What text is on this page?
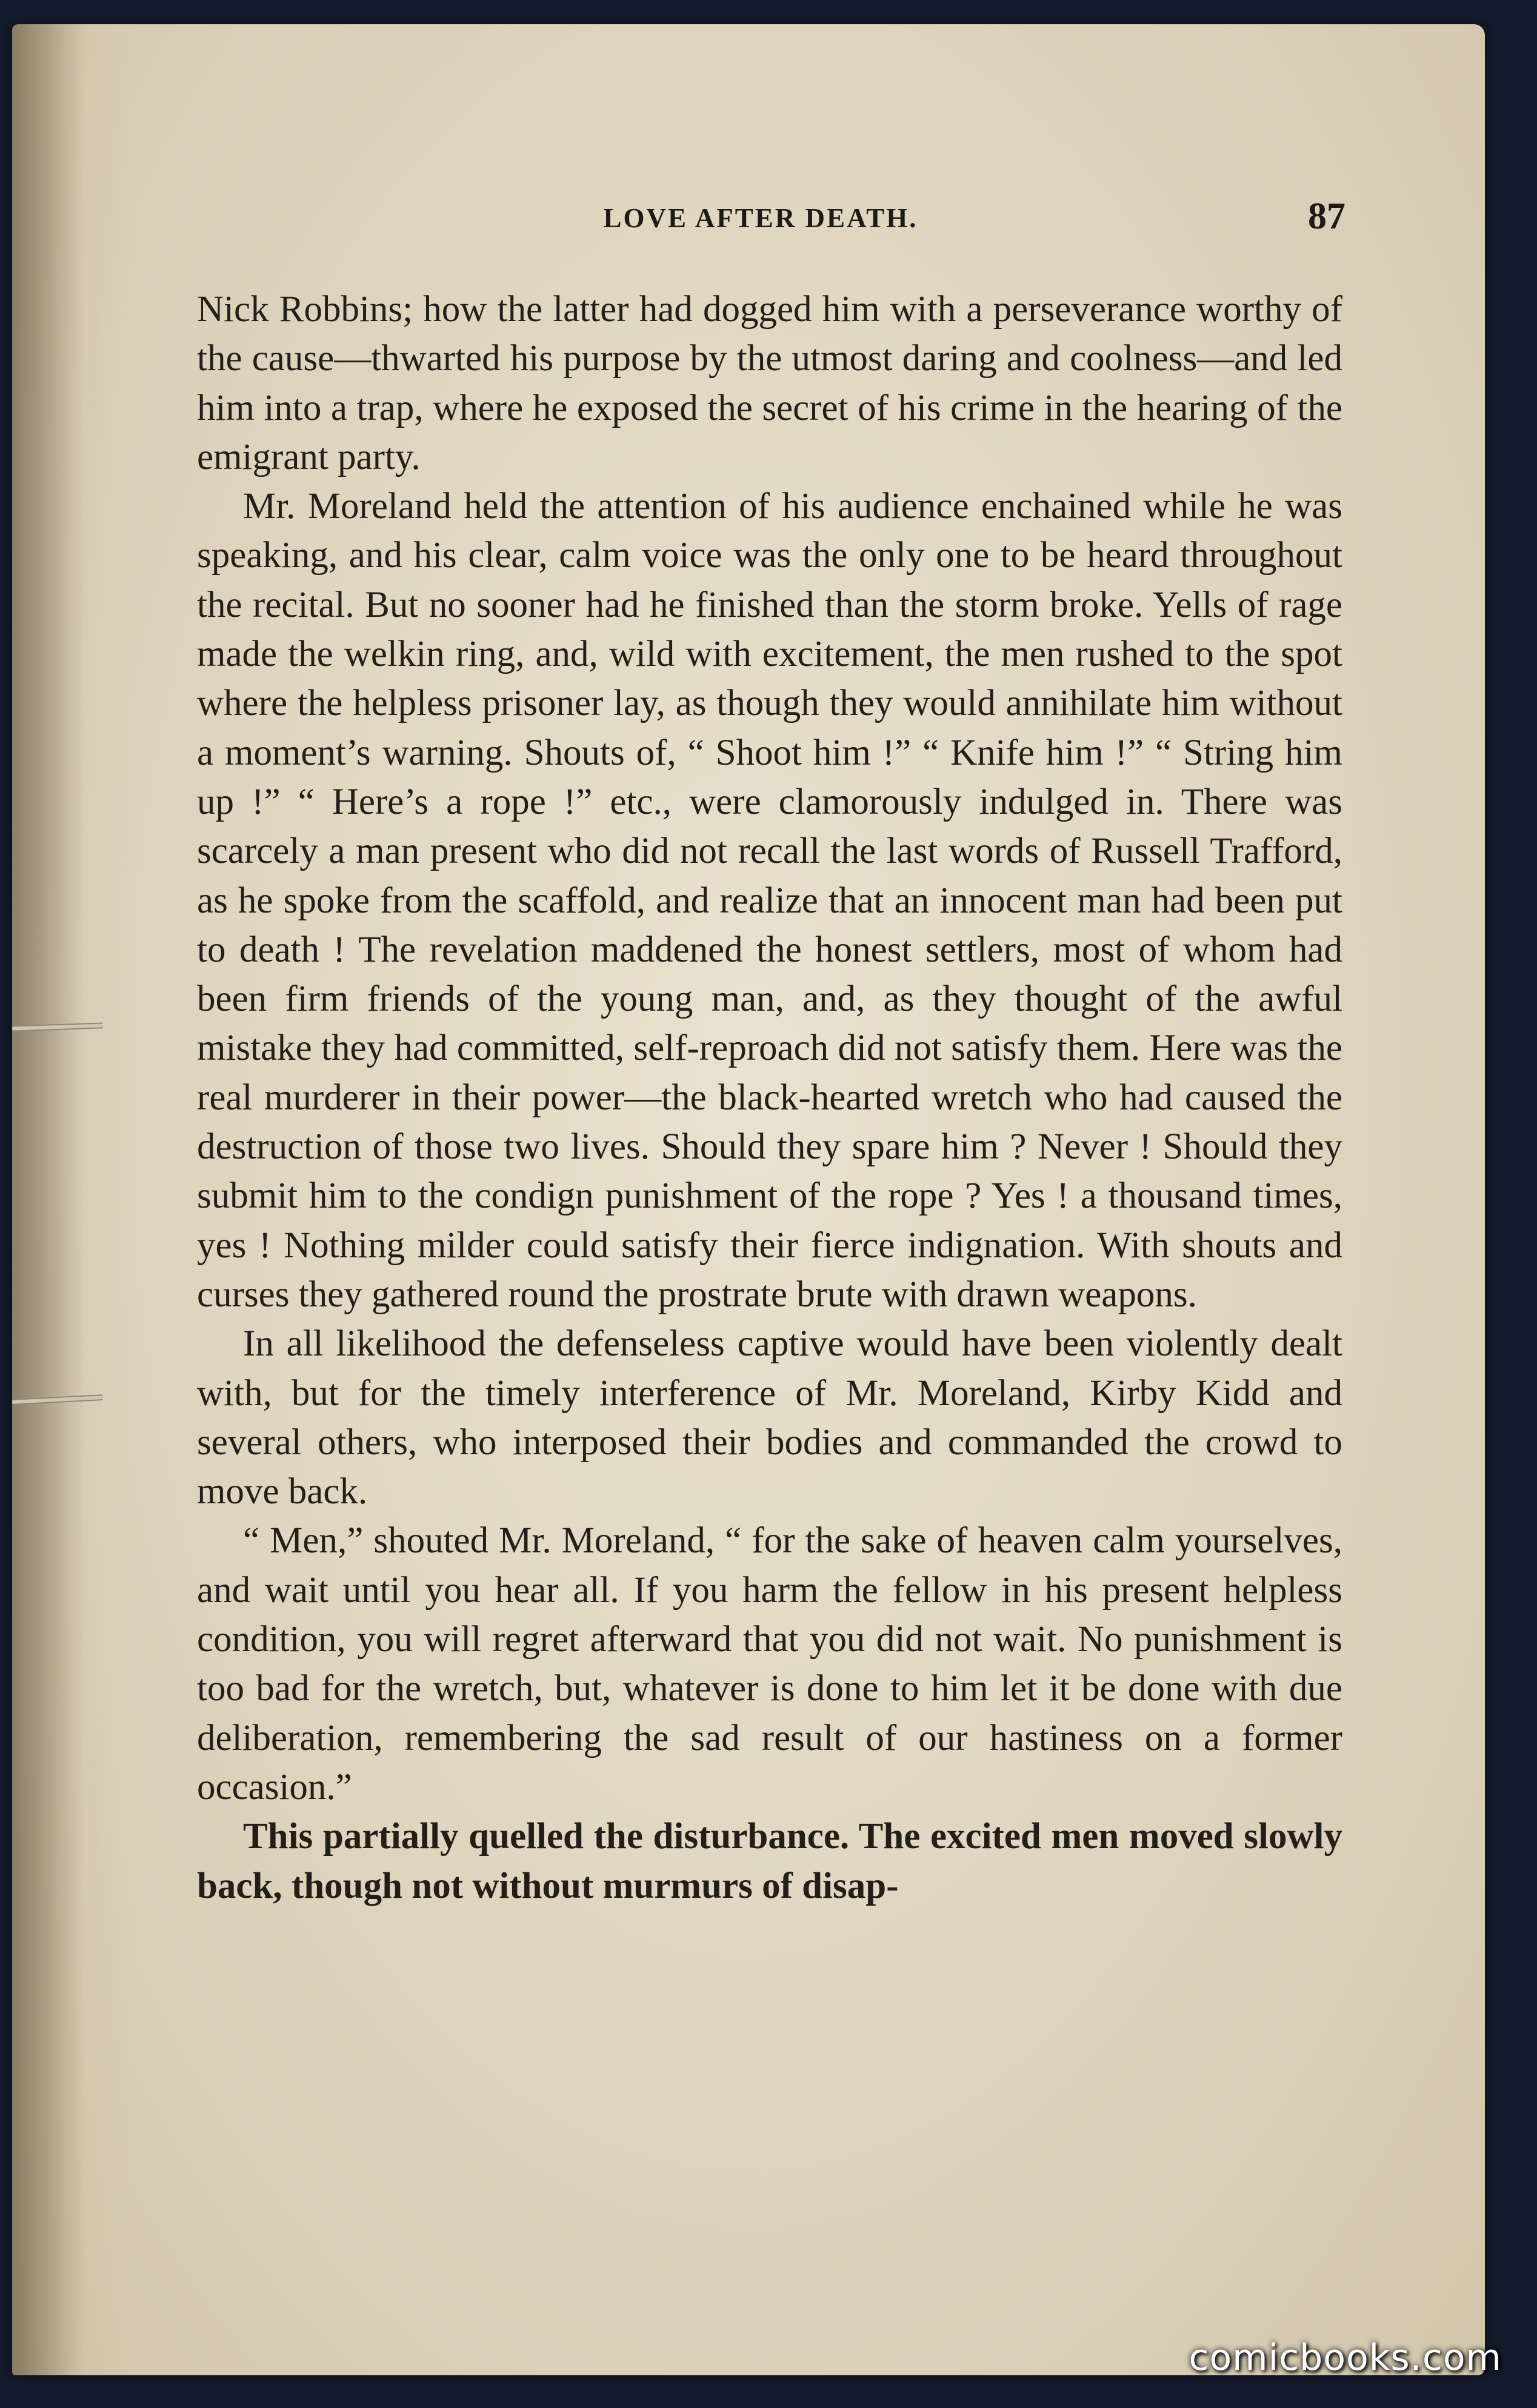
LOVE AFTER DEATH.	87

Nick Robbins; how the latter had dogged him with a perseverance worthy of the cause—thwarted his purpose by the utmost daring and coolness—and led him into a trap, where he exposed the secret of his crime in the hearing of the emigrant party.

Mr. Moreland held the attention of his audience enchained while he was speaking, and his clear, calm voice was the only one to be heard throughout the recital. But no sooner had he finished than the storm broke. Yells of rage made the welkin ring, and, wild with excitement, the men rushed to the spot where the helpless prisoner lay, as though they would annihilate him without a moment’s warning. Shouts of, “ Shoot him !” “ Knife him !” “ String him up !” “ Here’s a rope !” etc., were clamorously indulged in. There was scarcely a man present who did not recall the last words of Russell Trafford, as he spoke from the scaffold, and realize that an innocent man had been put to death ! The revelation maddened the honest settlers, most of whom had been firm friends of the young man, and, as they thought of the awful mistake they had committed, self-reproach did not satisfy them. Here was the real murderer in their power—the black-hearted wretch who had caused the destruction of those two lives. Should they spare him ? Never ! Should they submit him to the condign punishment of the rope ? Yes ! a thousand times, yes ! Nothing milder could satisfy their fierce indignation. With shouts and curses they gathered round the prostrate brute with drawn weapons.

In all likelihood the defenseless captive would have been violently dealt with, but for the timely interference of Mr. Moreland, Kirby Kidd and several others, who interposed their bodies and commanded the crowd to move back.

“ Men,” shouted Mr. Moreland, “ for the sake of heaven calm yourselves, and wait until you hear all. If you harm the fellow in his present helpless condition, you will regret afterward that you did not wait. No punishment is too bad for the wretch, but, whatever is done to him let it be done with due deliberation, remembering the sad result of our hastiness on a former occasion.”

This partially quelled the disturbance. The excited men moved slowly back, though not without murmurs of disap-

comicbooks.com
